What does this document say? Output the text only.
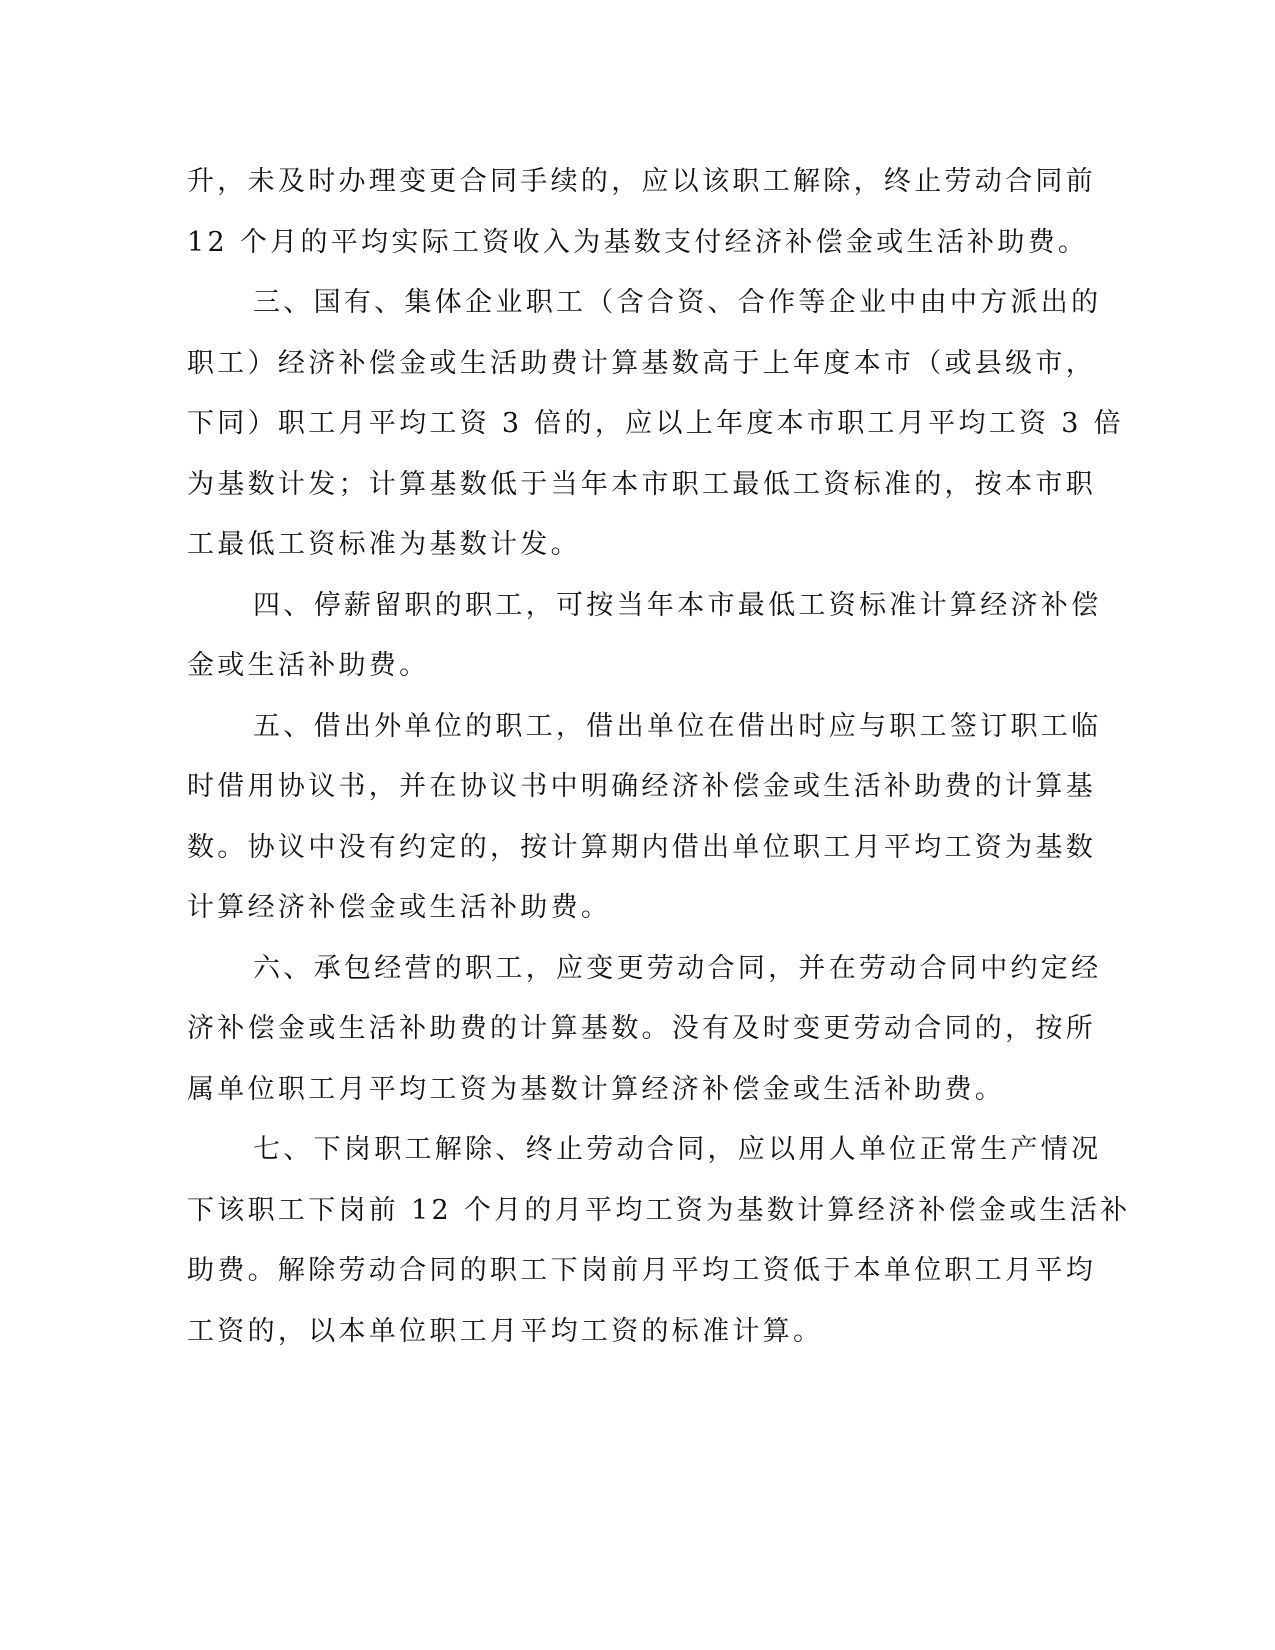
升，未及时办理变更合同手续的，应以该职工解除，终止劳动合同前
12 个月的平均实际工资收入为基数支付经济补偿金或生活补助费。
三、国有、集体企业职工（含合资、合作等企业中由中方派出的
职工）经济补偿金或生活助费计算基数高于上年度本市（或县级市，
下同）职工月平均工资 3 倍的，应以上年度本市职工月平均工资 3 倍
为基数计发；计算基数低于当年本市职工最低工资标准的，按本市职
工最低工资标准为基数计发。
四、停薪留职的职工，可按当年本市最低工资标准计算经济补偿
金或生活补助费。
五、借出外单位的职工，借出单位在借出时应与职工签订职工临
时借用协议书，并在协议书中明确经济补偿金或生活补助费的计算基
数。协议中没有约定的，按计算期内借出单位职工月平均工资为基数
计算经济补偿金或生活补助费。
六、承包经营的职工，应变更劳动合同，并在劳动合同中约定经
济补偿金或生活补助费的计算基数。没有及时变更劳动合同的，按所
属单位职工月平均工资为基数计算经济补偿金或生活补助费。
七、下岗职工解除、终止劳动合同，应以用人单位正常生产情况
下该职工下岗前 12 个月的月平均工资为基数计算经济补偿金或生活补
助费。解除劳动合同的职工下岗前月平均工资低于本单位职工月平均
工资的，以本单位职工月平均工资的标准计算。
